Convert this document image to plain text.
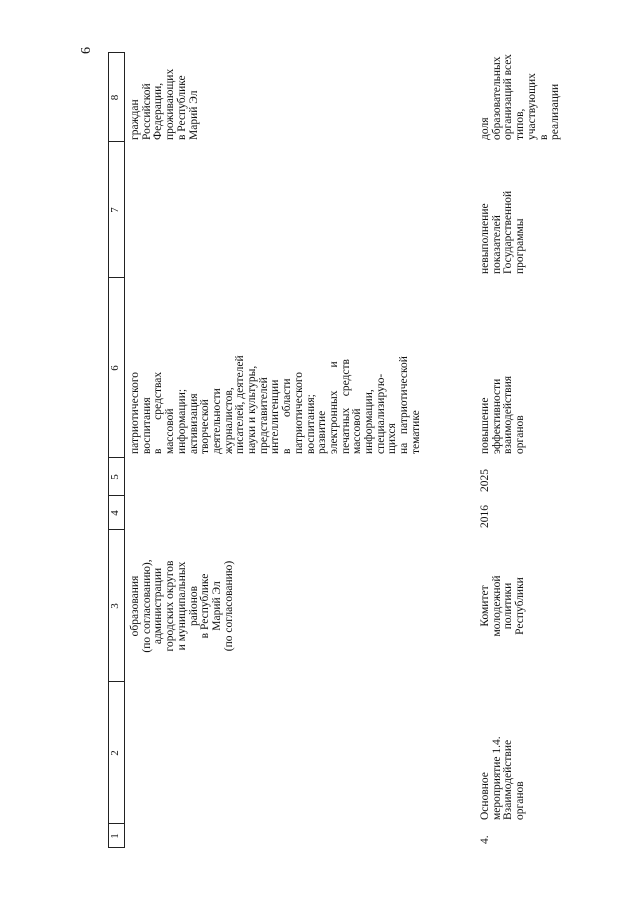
6
1
2
3
4
5
6
7
8
образования
(по согласованию),
администрации
городских округов
и муниципальных
районов
в Республике
Марий Эл
(по согласованию)
патриотического
воспитания
в          средствах
массовой
информации;
активизация
творческой
деятельности
журналистов,
писателей, деятелей
науки и культуры,
представителей
интеллигенции
в           области
патриотического
воспитания;
развитие
электронных        и
печатных    средств
массовой
информации,
специализирую-
щихся
на   патриотической
тематике
граждан     Российской
Федерации,
проживающих
в Республике Марий Эл
4.
Основное
мероприятие 1.4.
Взаимодействие
органов
Комитет
молодежной
политики
Республики
2016
2025
повышение
эффективности
взаимодействия
органов
невыполнение
показателей
Государственной
программы
доля     образовательных
организаций всех типов,
участвующих
в              реализации
